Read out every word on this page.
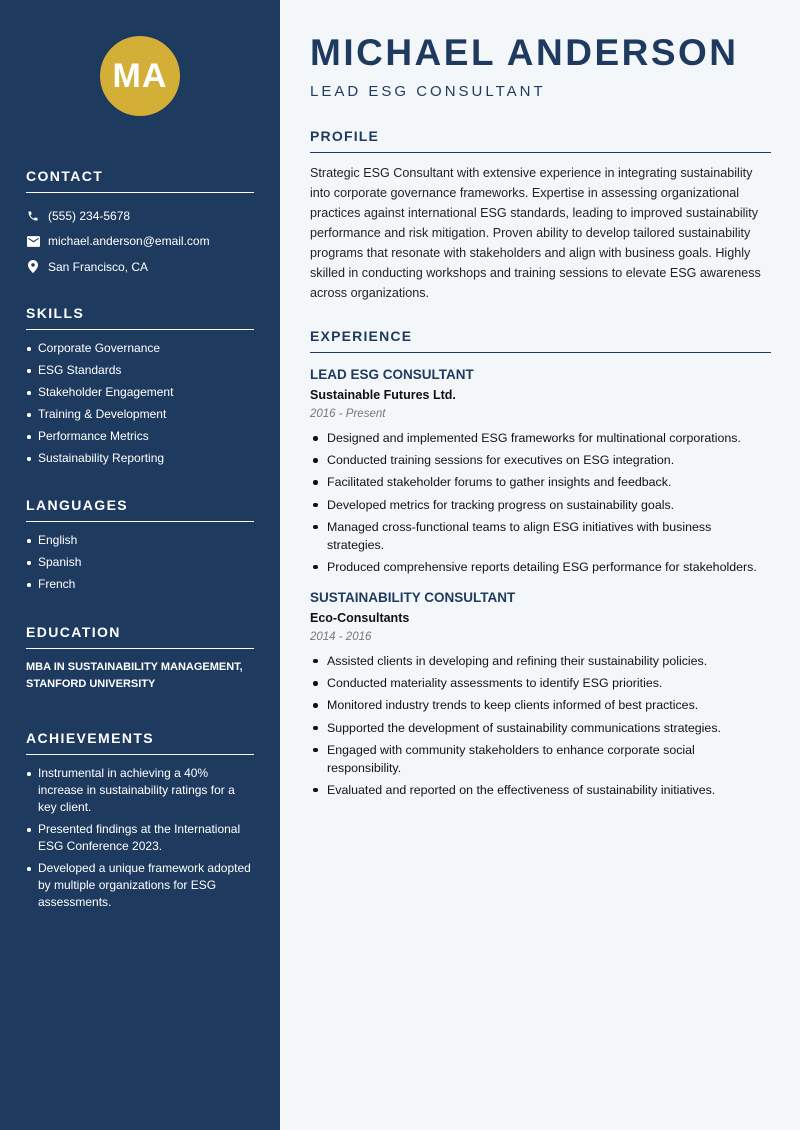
MA
CONTACT
(555) 234-5678
michael.anderson@email.com
San Francisco, CA
SKILLS
Corporate Governance
ESG Standards
Stakeholder Engagement
Training & Development
Performance Metrics
Sustainability Reporting
LANGUAGES
English
Spanish
French
EDUCATION
MBA IN SUSTAINABILITY MANAGEMENT, STANFORD UNIVERSITY
ACHIEVEMENTS
Instrumental in achieving a 40% increase in sustainability ratings for a key client.
Presented findings at the International ESG Conference 2023.
Developed a unique framework adopted by multiple organizations for ESG assessments.
MICHAEL ANDERSON
LEAD ESG CONSULTANT
PROFILE

Strategic ESG Consultant with extensive experience in integrating sustainability into corporate governance frameworks. Expertise in assessing organizational practices against international ESG standards, leading to improved sustainability performance and risk mitigation. Proven ability to develop tailored sustainability programs that resonate with stakeholders and align with business goals. Highly skilled in conducting workshops and training sessions to elevate ESG awareness across organizations.

EXPERIENCE
LEAD ESG CONSULTANT
Sustainable Futures Ltd.
2016 - Present
Designed and implemented ESG frameworks for multinational corporations.
Conducted training sessions for executives on ESG integration.
Facilitated stakeholder forums to gather insights and feedback.
Developed metrics for tracking progress on sustainability goals.
Managed cross-functional teams to align ESG initiatives with business strategies.
Produced comprehensive reports detailing ESG performance for stakeholders.
SUSTAINABILITY CONSULTANT
Eco-Consultants
2014 - 2016
Assisted clients in developing and refining their sustainability policies.
Conducted materiality assessments to identify ESG priorities.
Monitored industry trends to keep clients informed of best practices.
Supported the development of sustainability communications strategies.
Engaged with community stakeholders to enhance corporate social responsibility.
Evaluated and reported on the effectiveness of sustainability initiatives.
